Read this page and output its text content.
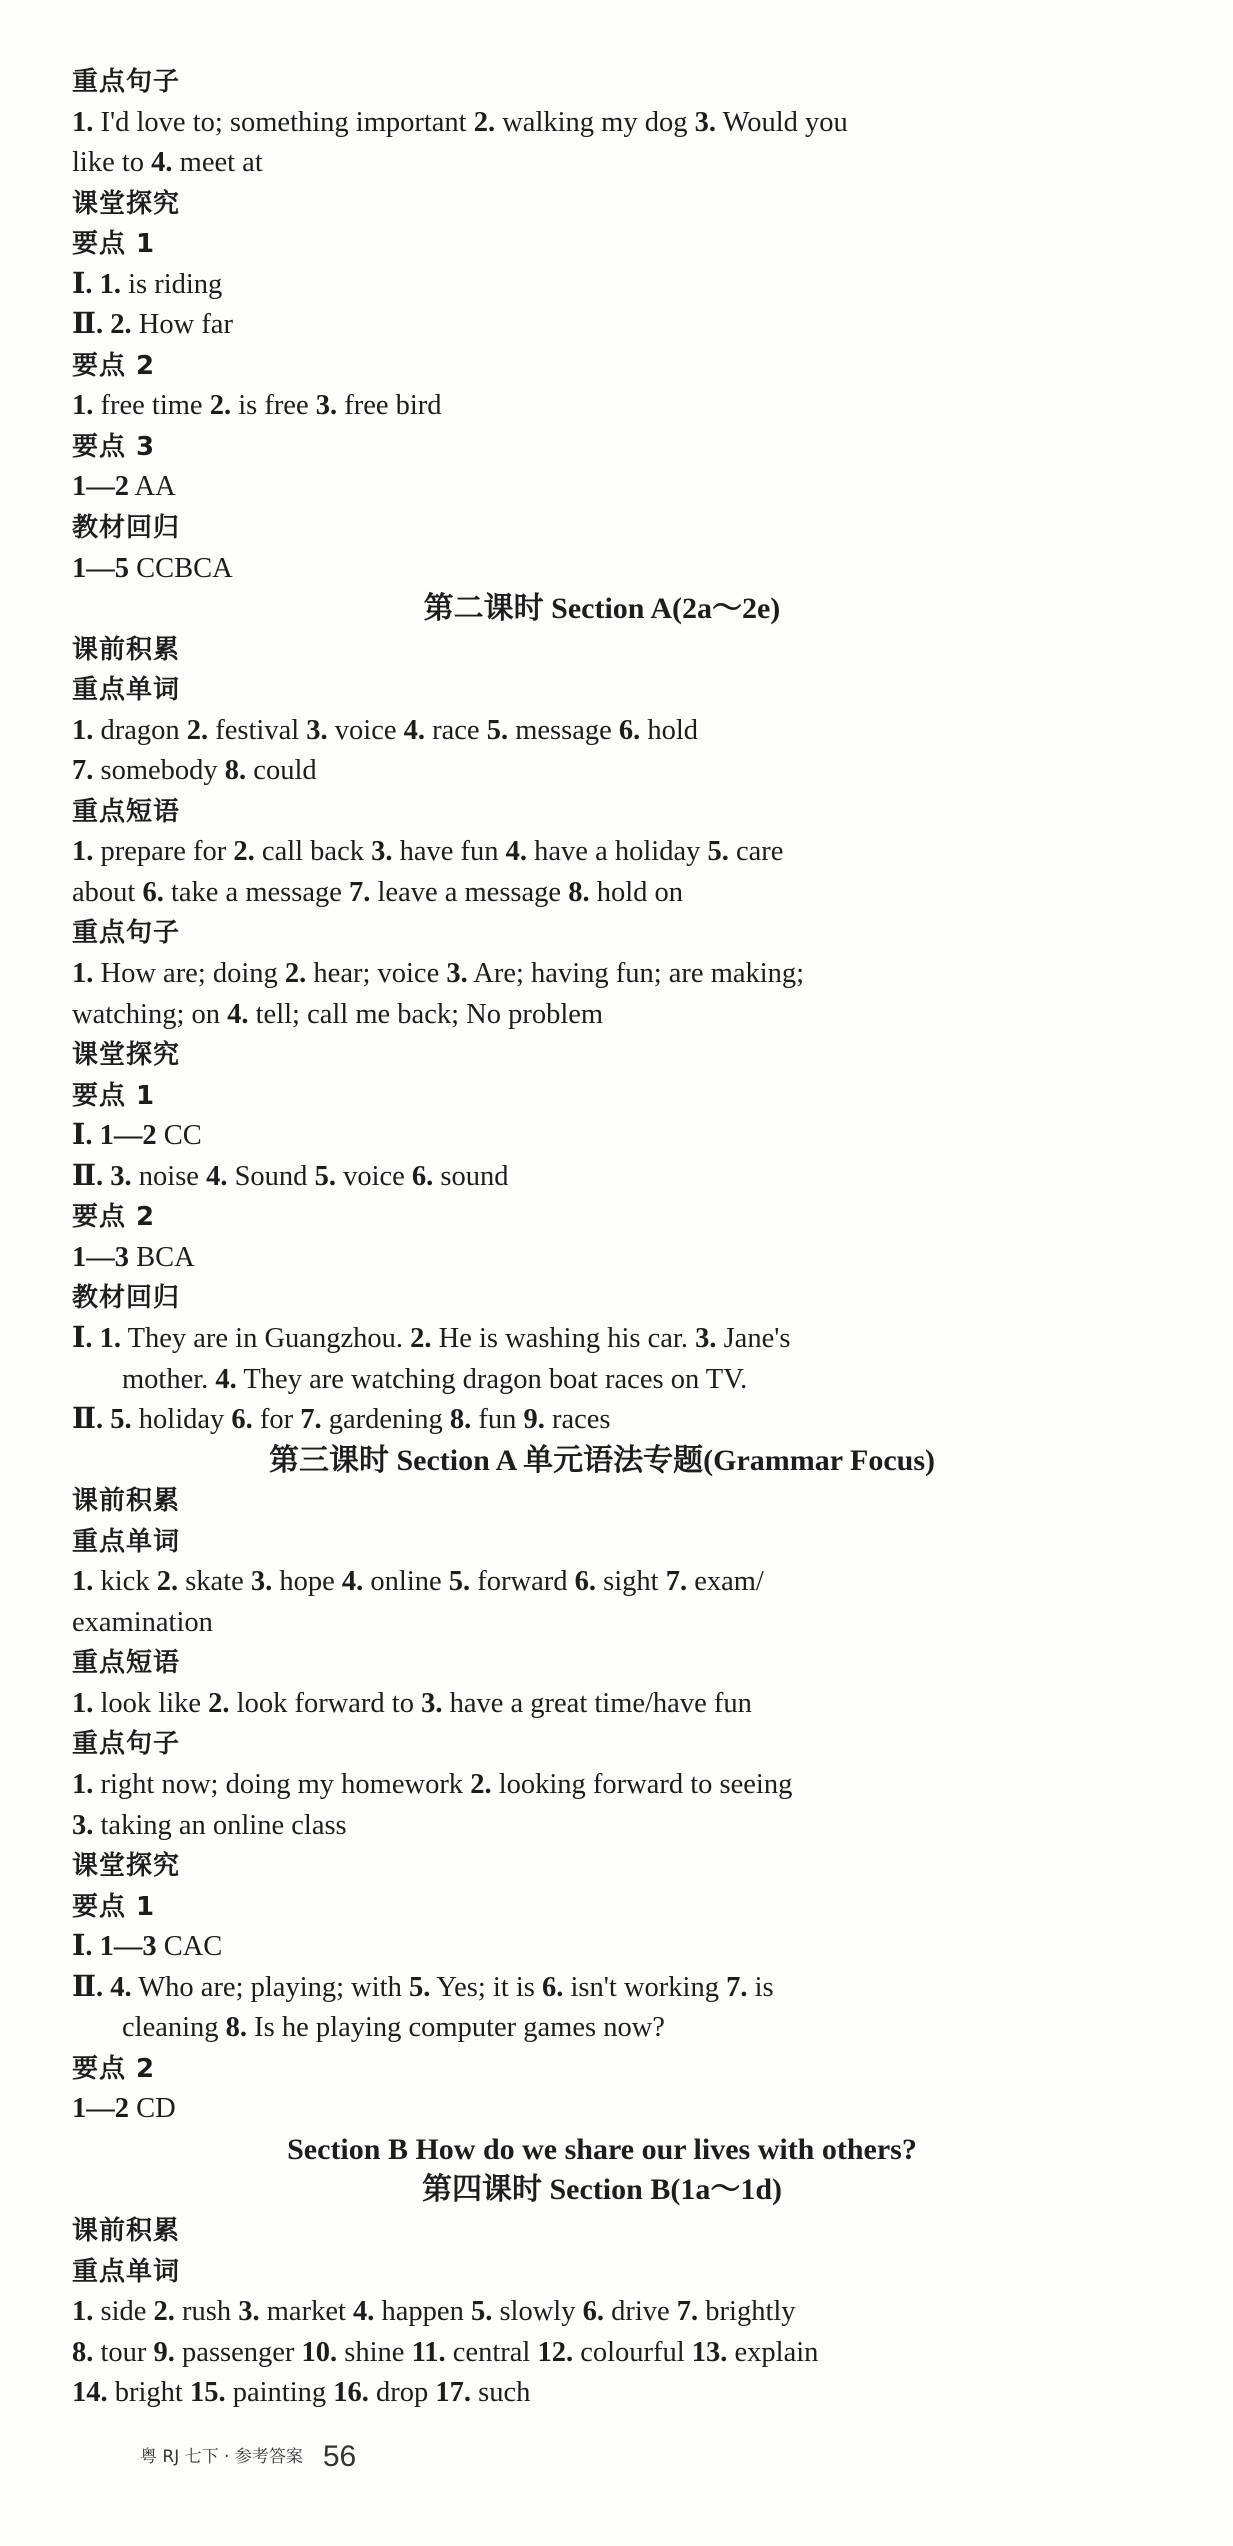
重点句子
1. I'd love to; something important 2. walking my dog 3. Would you
like to 4. meet at
课堂探究
要点 1
Ⅰ. 1. is riding
Ⅱ. 2. How far
要点 2
1. free time 2. is free 3. free bird
要点 3
1—2 AA
教材回归
1—5 CCBCA
第二课时 Section A(2a～2e)
课前积累
重点单词
1. dragon 2. festival 3. voice 4. race 5. message 6. hold
7. somebody 8. could
重点短语
1. prepare for 2. call back 3. have fun 4. have a holiday 5. care
about 6. take a message 7. leave a message 8. hold on
重点句子
1. How are; doing 2. hear; voice 3. Are; having fun; are making;
watching; on 4. tell; call me back; No problem
课堂探究
要点 1
Ⅰ. 1—2 CC
Ⅱ. 3. noise 4. Sound 5. voice 6. sound
要点 2
1—3 BCA
教材回归
Ⅰ. 1. They are in Guangzhou. 2. He is washing his car. 3. Jane's
mother. 4. They are watching dragon boat races on TV.
Ⅱ. 5. holiday 6. for 7. gardening 8. fun 9. races
第三课时 Section A 单元语法专题(Grammar Focus)
课前积累
重点单词
1. kick 2. skate 3. hope 4. online 5. forward 6. sight 7. exam/
examination
重点短语
1. look like 2. look forward to 3. have a great time/have fun
重点句子
1. right now; doing my homework 2. looking forward to seeing
3. taking an online class
课堂探究
要点 1
Ⅰ. 1—3 CAC
Ⅱ. 4. Who are; playing; with 5. Yes; it is 6. isn't working 7. is
cleaning 8. Is he playing computer games now?
要点 2
1—2 CD
Section B How do we share our lives with others?
第四课时 Section B(1a～1d)
课前积累
重点单词
1. side 2. rush 3. market 4. happen 5. slowly 6. drive 7. brightly
8. tour 9. passenger 10. shine 11. central 12. colourful 13. explain
14. bright 15. painting 16. drop 17. such
粤 RJ 七下 · 参考答案 56
